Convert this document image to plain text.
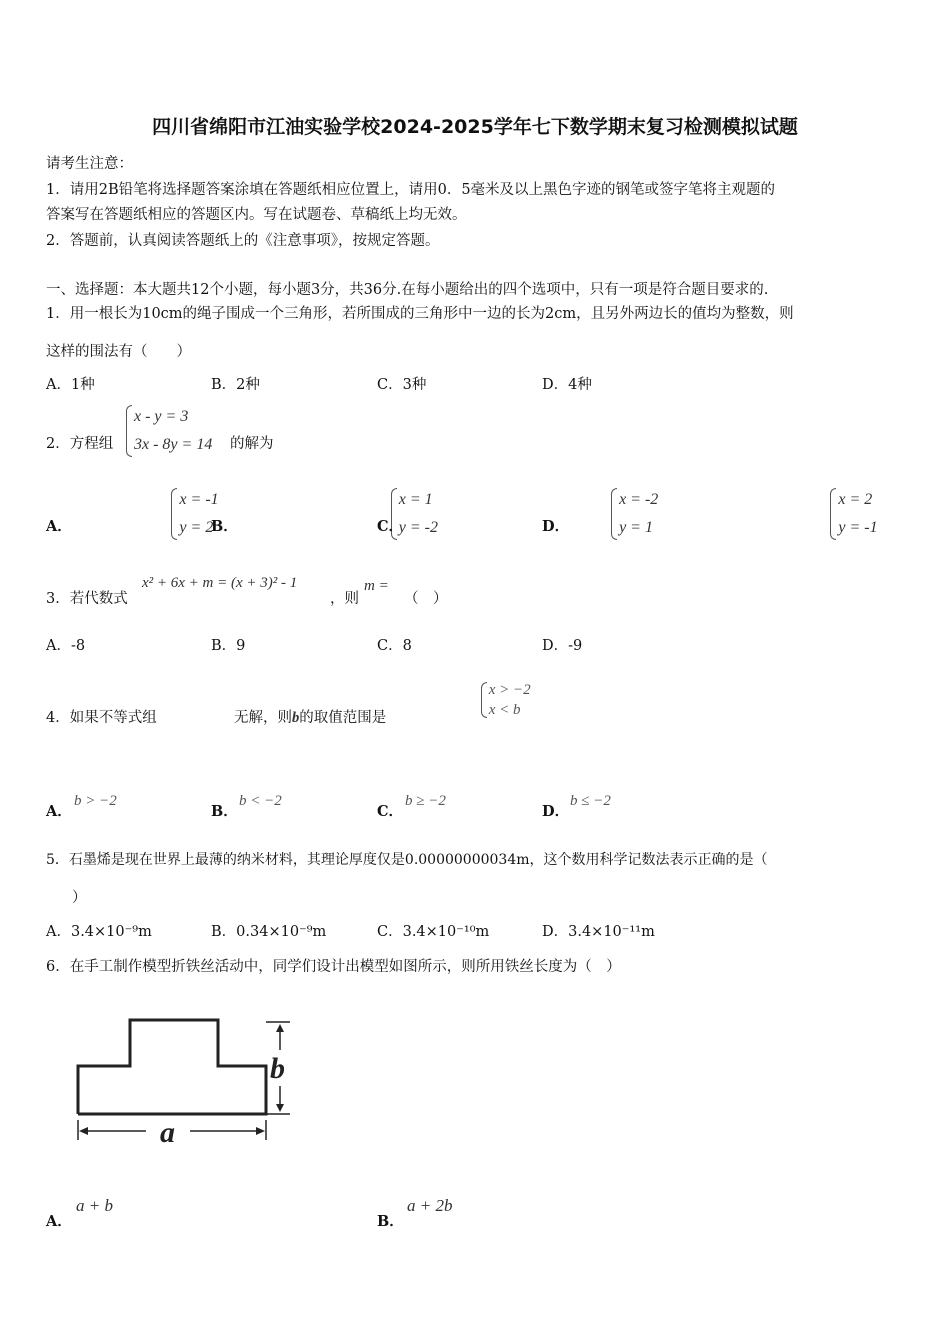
四川省绵阳市江油实验学校2024-2025学年七下数学期末复习检测模拟试题
请考生注意：
1．请用2B铅笔将选择题答案涂填在答题纸相应位置上，请用0．5毫米及以上黑色字迹的钢笔或签字笔将主观题的
答案写在答题纸相应的答题区内。写在试题卷、草稿纸上均无效。
2．答题前，认真阅读答题纸上的《注意事项》，按规定答题。
一、选择题：本大题共12个小题，每小题3分，共36分.在每小题给出的四个选项中，只有一项是符合题目要求的.
1．用一根长为10cm的绳子围成一个三角形，若所围成的三角形中一边的长为2cm，且另外两边长的值均为整数，则
这样的围法有（　　）
A．1种	B．2种	C．3种	D．4种
2．方程组
x - y = 3
3x - 8y = 14
的解为
A．
x = -1
y = 2

B．
x = 1
y = -2

C．
x = -2
y = 1

D．
x = 2
y = -1

3．若代数式
x² + 6x + m = (x + 3)² - 1
，则
m =
（　）
A．-8	B．9	C．8	D．-9
4．如果不等式组
x > −2
x < b
无解，则b的取值范围是
A．
b > −2
B．
b < −2
C．
b ≥ −2
D．
b ≤ −2
5．石墨烯是现在世界上最薄的纳米材料，其理论厚度仅是0.00000000034m，这个数用科学记数法表示正确的是（
）
A．3.4×10⁻⁹m	B．0.34×10⁻⁹m	C．3.4×10⁻¹⁰m	D．3.4×10⁻¹¹m
6．在手工制作模型折铁丝活动中，同学们设计出模型如图所示，则所用铁丝长度为（　）
b
a
A．
a + b
B．
a + 2b
